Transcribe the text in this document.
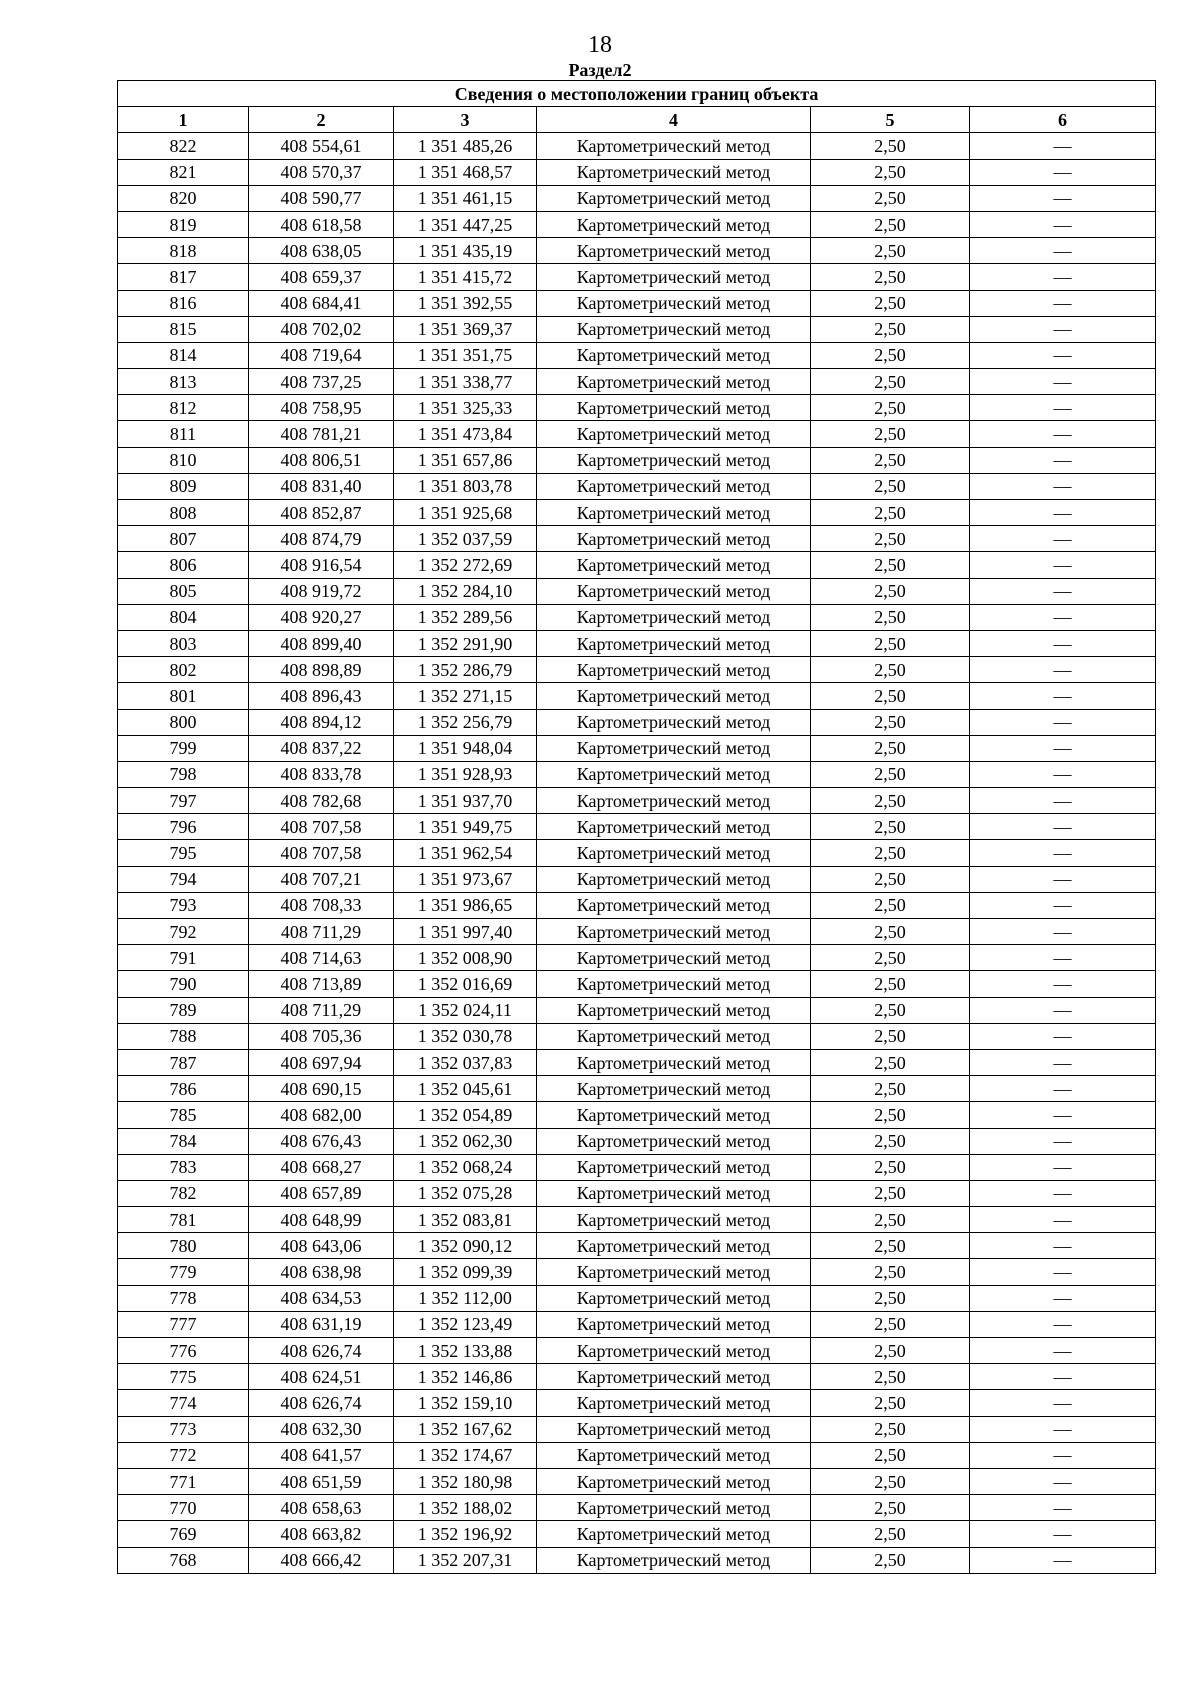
18
Раздел2
Сведения о местоположении границ объекта					
1	2	3	4	5	6
822	408 554,61	1 351 485,26	Картометрический метод	2,50	—
821	408 570,37	1 351 468,57	Картометрический метод	2,50	—
820	408 590,77	1 351 461,15	Картометрический метод	2,50	—
819	408 618,58	1 351 447,25	Картометрический метод	2,50	—
818	408 638,05	1 351 435,19	Картометрический метод	2,50	—
817	408 659,37	1 351 415,72	Картометрический метод	2,50	—
816	408 684,41	1 351 392,55	Картометрический метод	2,50	—
815	408 702,02	1 351 369,37	Картометрический метод	2,50	—
814	408 719,64	1 351 351,75	Картометрический метод	2,50	—
813	408 737,25	1 351 338,77	Картометрический метод	2,50	—
812	408 758,95	1 351 325,33	Картометрический метод	2,50	—
811	408 781,21	1 351 473,84	Картометрический метод	2,50	—
810	408 806,51	1 351 657,86	Картометрический метод	2,50	—
809	408 831,40	1 351 803,78	Картометрический метод	2,50	—
808	408 852,87	1 351 925,68	Картометрический метод	2,50	—
807	408 874,79	1 352 037,59	Картометрический метод	2,50	—
806	408 916,54	1 352 272,69	Картометрический метод	2,50	—
805	408 919,72	1 352 284,10	Картометрический метод	2,50	—
804	408 920,27	1 352 289,56	Картометрический метод	2,50	—
803	408 899,40	1 352 291,90	Картометрический метод	2,50	—
802	408 898,89	1 352 286,79	Картометрический метод	2,50	—
801	408 896,43	1 352 271,15	Картометрический метод	2,50	—
800	408 894,12	1 352 256,79	Картометрический метод	2,50	—
799	408 837,22	1 351 948,04	Картометрический метод	2,50	—
798	408 833,78	1 351 928,93	Картометрический метод	2,50	—
797	408 782,68	1 351 937,70	Картометрический метод	2,50	—
796	408 707,58	1 351 949,75	Картометрический метод	2,50	—
795	408 707,58	1 351 962,54	Картометрический метод	2,50	—
794	408 707,21	1 351 973,67	Картометрический метод	2,50	—
793	408 708,33	1 351 986,65	Картометрический метод	2,50	—
792	408 711,29	1 351 997,40	Картометрический метод	2,50	—
791	408 714,63	1 352 008,90	Картометрический метод	2,50	—
790	408 713,89	1 352 016,69	Картометрический метод	2,50	—
789	408 711,29	1 352 024,11	Картометрический метод	2,50	—
788	408 705,36	1 352 030,78	Картометрический метод	2,50	—
787	408 697,94	1 352 037,83	Картометрический метод	2,50	—
786	408 690,15	1 352 045,61	Картометрический метод	2,50	—
785	408 682,00	1 352 054,89	Картометрический метод	2,50	—
784	408 676,43	1 352 062,30	Картометрический метод	2,50	—
783	408 668,27	1 352 068,24	Картометрический метод	2,50	—
782	408 657,89	1 352 075,28	Картометрический метод	2,50	—
781	408 648,99	1 352 083,81	Картометрический метод	2,50	—
780	408 643,06	1 352 090,12	Картометрический метод	2,50	—
779	408 638,98	1 352 099,39	Картометрический метод	2,50	—
778	408 634,53	1 352 112,00	Картометрический метод	2,50	—
777	408 631,19	1 352 123,49	Картометрический метод	2,50	—
776	408 626,74	1 352 133,88	Картометрический метод	2,50	—
775	408 624,51	1 352 146,86	Картометрический метод	2,50	—
774	408 626,74	1 352 159,10	Картометрический метод	2,50	—
773	408 632,30	1 352 167,62	Картометрический метод	2,50	—
772	408 641,57	1 352 174,67	Картометрический метод	2,50	—
771	408 651,59	1 352 180,98	Картометрический метод	2,50	—
770	408 658,63	1 352 188,02	Картометрический метод	2,50	—
769	408 663,82	1 352 196,92	Картометрический метод	2,50	—
768	408 666,42	1 352 207,31	Картометрический метод	2,50	—
